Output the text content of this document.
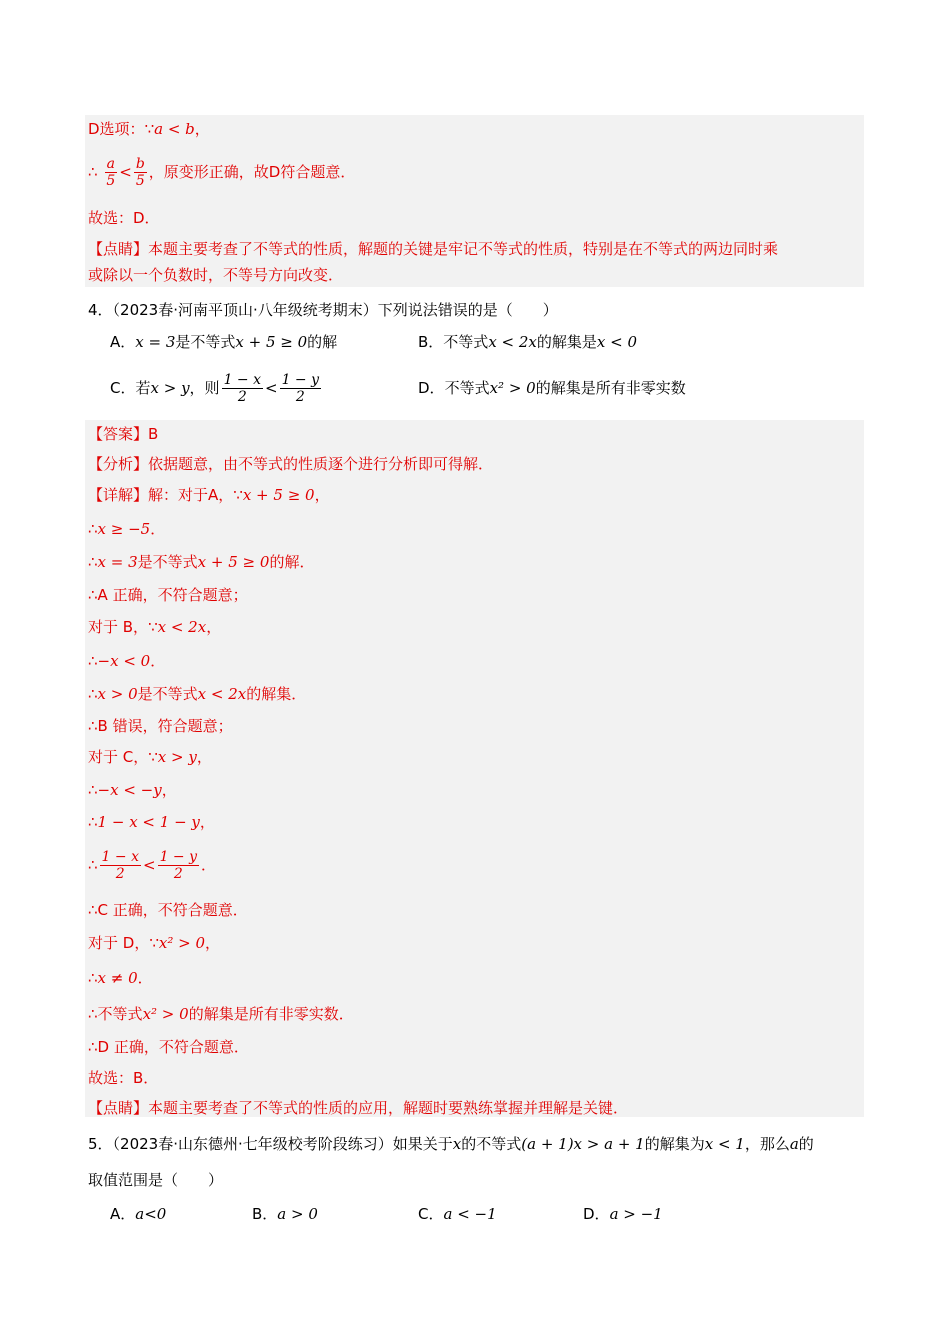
D选项：∵a < b，
∴ $\frac{a}{5} < \frac{b}{5}$ ，原变形正确，故D符合题意．
故选：D．
【点睛】本题主要考查了不等式的性质，解题的关键是牢记不等式的性质，特别是在不等式的两边同时乘
或除以一个负数时，不等号方向改变．
4．（2023春·河南平顶山·八年级统考期末）下列说法错误的是（　　）
A．x = 3是不等式x + 5 ≥ 0的解	B．不等式x < 2x的解集是x < 0
C．若x > y，则 $\frac{1 - x}{2} < \frac{1 - y}{2}$	D．不等式x² > 0的解集是所有非零实数
【答案】B
【分析】依据题意，由不等式的性质逐个进行分析即可得解．
【详解】解：对于A，∵x + 5 ≥ 0，
∴x ≥ −5．
∴x = 3是不等式x + 5 ≥ 0的解．
∴A 正确，不符合题意；
对于 B，∵x < 2x，
∴−x < 0．
∴x > 0是不等式x < 2x的解集．
∴B 错误，符合题意；
对于 C，∵x > y，
∴−x < −y，
∴1 − x < 1 − y，
∴ $\frac{1 - x}{2} < \frac{1 - y}{2}$ ．
∴C 正确，不符合题意．
对于 D，∵x² > 0，
∴x ≠ 0．
∴不等式x² > 0的解集是所有非零实数．
∴D 正确，不符合题意．
故选：B．
【点睛】本题主要考查了不等式的性质的应用，解题时要熟练掌握并理解是关键．
5．（2023春·山东德州·七年级校考阶段练习）如果关于x的不等式(a + 1)x > a + 1的解集为x < 1，那么a的
取值范围是（　　）
A．a<0	B．a > 0	C．a < −1	D．a > −1
